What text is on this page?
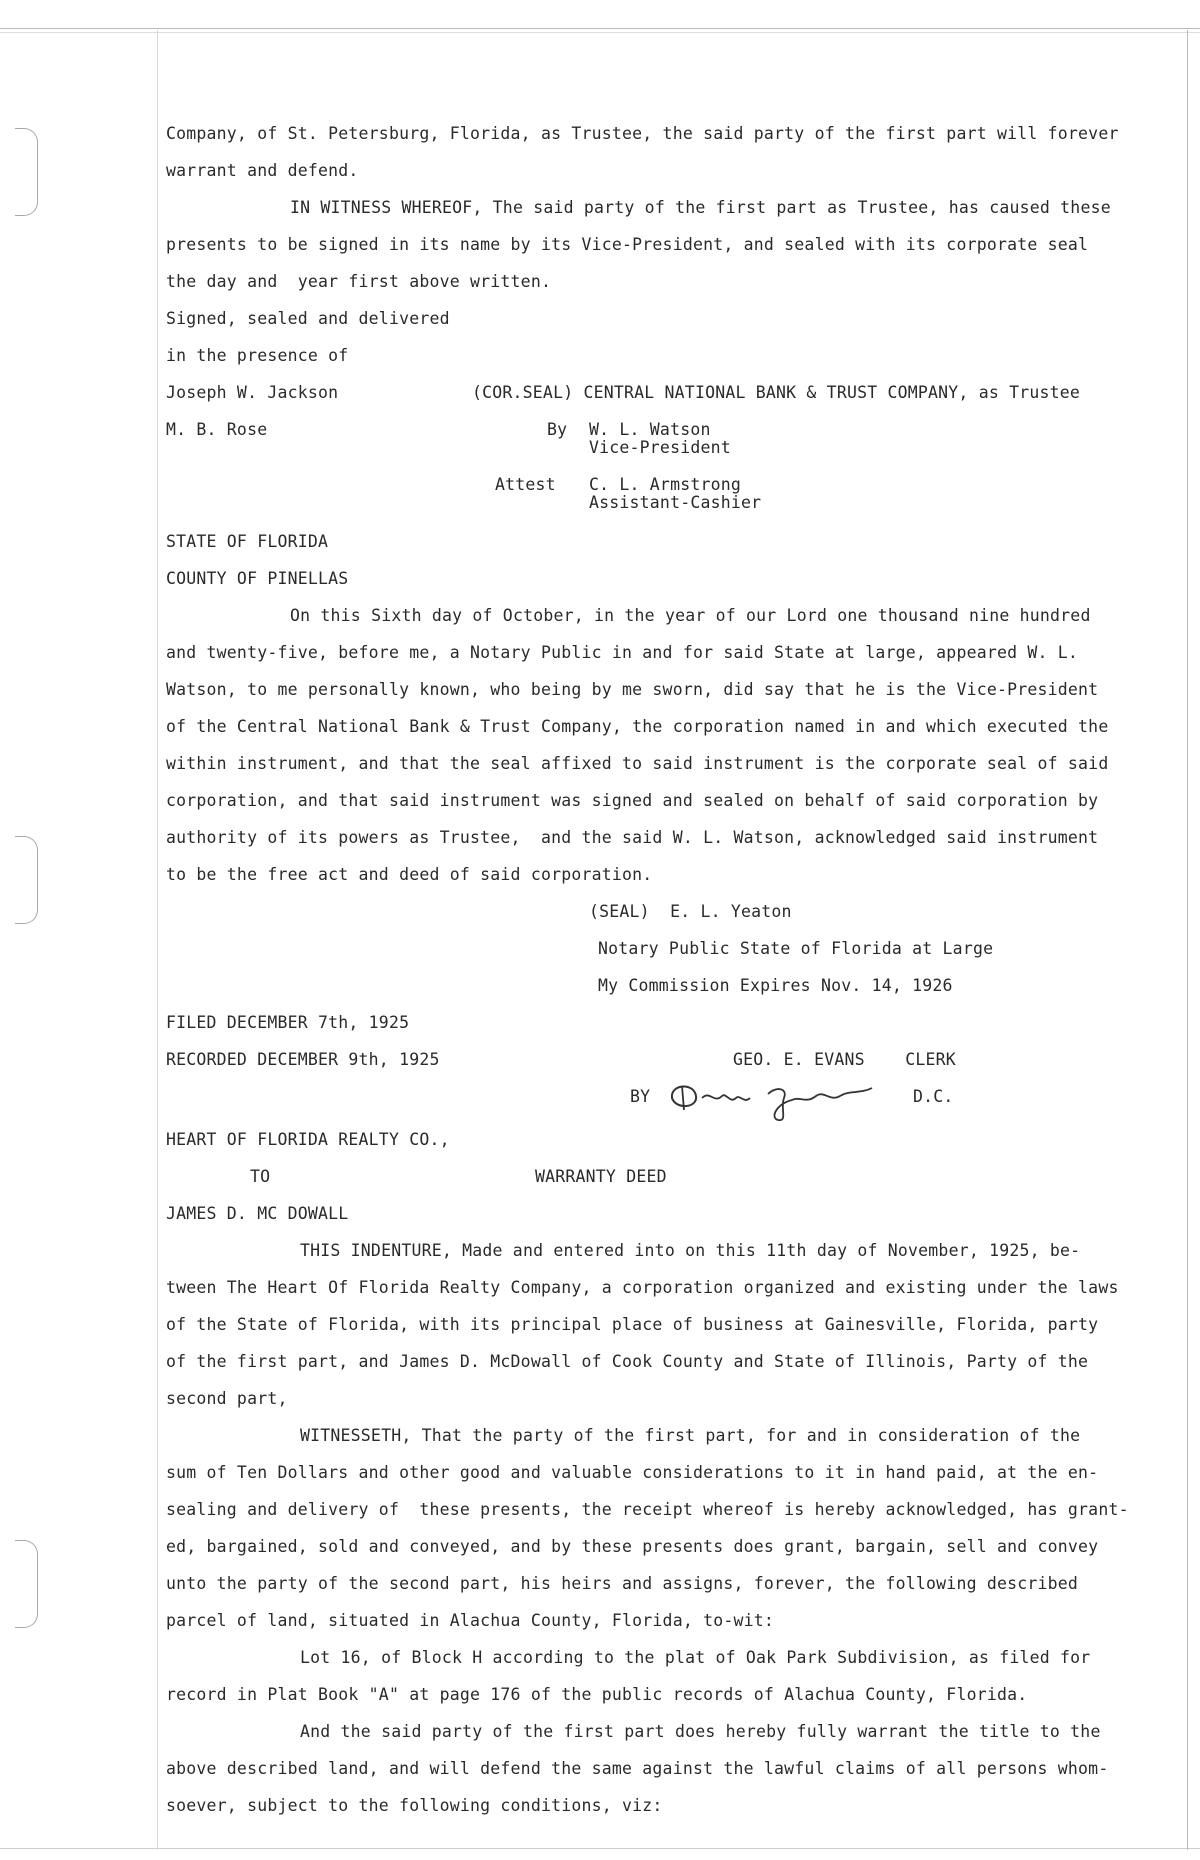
Company, of St. Petersburg, Florida, as Trustee, the said party of the first part will forever
warrant and defend.
IN WITNESS WHEREOF, The said party of the first part as Trustee, has caused these
presents to be signed in its name by its Vice-President, and sealed with its corporate seal
the day and  year first above written.
Signed, sealed and delivered
in the presence of
Joseph W. Jackson	(COR.SEAL) CENTRAL NATIONAL BANK & TRUST COMPANY, as Trustee
M. B. Rose	By W. L. Watson
Vice-President
Attest C. L. Armstrong
Assistant-Cashier
STATE OF FLORIDA
COUNTY OF PINELLAS
On this Sixth day of October, in the year of our Lord one thousand nine hundred
and twenty-five, before me, a Notary Public in and for said State at large, appeared W. L.
Watson, to me personally known, who being by me sworn, did say that he is the Vice-President
of the Central National Bank & Trust Company, the corporation named in and which executed the
within instrument, and that the seal affixed to said instrument is the corporate seal of said
corporation, and that said instrument was signed and sealed on behalf of said corporation by
authority of its powers as Trustee,  and the said W. L. Watson, acknowledged said instrument
to be the free act and deed of said corporation.
(SEAL)  E. L. Yeaton
Notary Public State of Florida at Large
My Commission Expires Nov. 14, 1926
FILED DECEMBER 7th, 1925
RECORDED DECEMBER 9th, 1925	GEO. E. EVANS    CLERK
BY	D.C.
HEART OF FLORIDA REALTY CO.,
TO	WARRANTY DEED
JAMES D. MC DOWALL
THIS INDENTURE, Made and entered into on this 11th day of November, 1925, be-
tween The Heart Of Florida Realty Company, a corporation organized and existing under the laws
of the State of Florida, with its principal place of business at Gainesville, Florida, party
of the first part, and James D. McDowall of Cook County and State of Illinois, Party of the
second part,
WITNESSETH, That the party of the first part, for and in consideration of the
sum of Ten Dollars and other good and valuable considerations to it in hand paid, at the en-
sealing and delivery of  these presents, the receipt whereof is hereby acknowledged, has grant-
ed, bargained, sold and conveyed, and by these presents does grant, bargain, sell and convey
unto the party of the second part, his heirs and assigns, forever, the following described
parcel of land, situated in Alachua County, Florida, to-wit:
Lot 16, of Block H according to the plat of Oak Park Subdivision, as filed for
record in Plat Book "A" at page 176 of the public records of Alachua County, Florida.
And the said party of the first part does hereby fully warrant the title to the
above described land, and will defend the same against the lawful claims of all persons whom-
soever, subject to the following conditions, viz:
